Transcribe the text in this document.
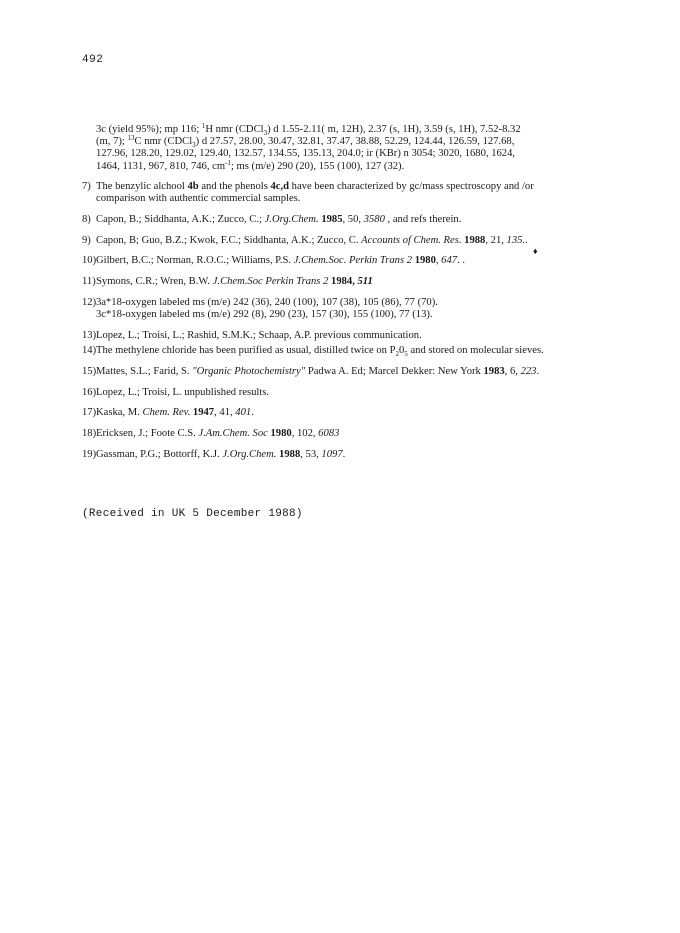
492
♦

3c (yield 95%); mp 116; $^1$H nmr (CDCl$_3$) d 1.55-2.11( m, 12H), 2.37 (s, 1H), 3.59 (s, 1H), 7.52-8.32

(m, 7); $^{13}$C nmr (CDCl$_3$) d 27.57, 28.00, 30.47, 32.81, 37.47, 38.88, 52.29, 124.44, 126.59, 127.68,

127.96, 128.20, 129.02, 129.40, 132.57, 134.55, 135.13, 204.0; ir (KBr) n 3054; 3020, 1680, 1624,

1464, 1131, 967, 810, 746, $cm^{-1}$; ms (m/e) 290 (20), 155 (100), 127 (32).

7) The benzylic alchool 4b and the phenols 4c,d have been characterized by gc/mass spectroscopy and /or

comparison with authentic commercial samples.

8) Capon, B.; Siddhanta, A.K.; Zucco, C.; J.Org.Chem. 1985, 50, 3580 , and refs therein.

9) Capon, B; Guo, B.Z.; Kwok, F.C.; Siddhanta, A.K.; Zucco, C. Accounts of Chem. Res. 1988, 21, 135..

10)Gilbert, B.C.; Norman, R.O.C.; Williams, P.S. J.Chem.Soc. Perkin Trans 2 1980, 647. .

11)Symons, C.R.; Wren, B.W. J.Chem.Soc Perkin Trans 2 1984, 511

12)3a*18-oxygen labeled ms (m/e) 242 (36), 240 (100), 107 (38), 105 (86), 77 (70).

3c*18-oxygen labeled ms (m/e) 292 (8), 290 (23), 157 (30), 155 (100), 77 (13).

13)Lopez, L.; Troisi, L.; Rashid, S.M.K.; Schaap, A.P. previous communication.

14)The methylene chloride has been purified as usual, distilled twice on $P_20_5$ and stored on molecular sieves.

15)Mattes, S.L.; Farid, S. "Organic Photochemistry" Padwa A. Ed; Marcel Dekker: New York 1983, 6, 223.

16)Lopez, L.; Troisi, L. unpublished results.

17)Kaska, M. Chem. Rev. 1947, 41, 401.

18)Ericksen, J.; Foote C.S. J.Am.Chem. Soc 1980, 102, 6083

19)Gassman, P.G.; Bottorff, K.J. J.Org.Chem. 1988, 53, 1097.

(Received in UK 5 December 1988)
